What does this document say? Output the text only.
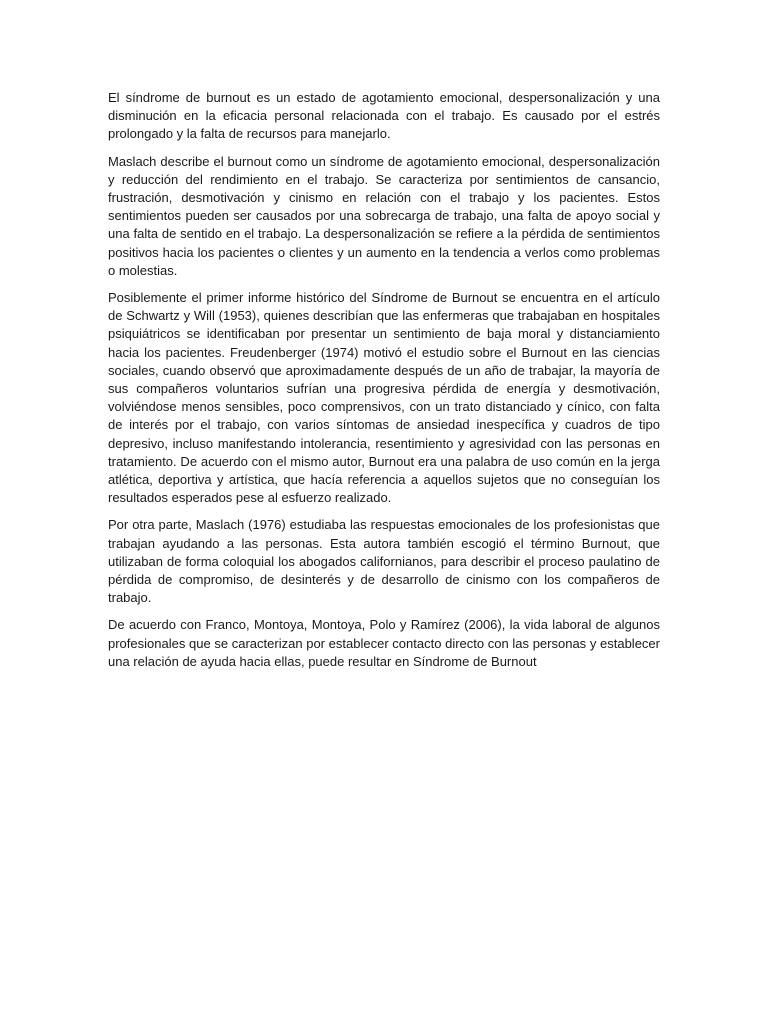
El síndrome de burnout es un estado de agotamiento emocional, despersonalización y una disminución en la eficacia personal relacionada con el trabajo. Es causado por el estrés prolongado y la falta de recursos para manejarlo.

Maslach describe el burnout como un síndrome de agotamiento emocional, despersonalización y reducción del rendimiento en el trabajo. Se caracteriza por sentimientos de cansancio, frustración, desmotivación y cinismo en relación con el trabajo y los pacientes. Estos sentimientos pueden ser causados por una sobrecarga de trabajo, una falta de apoyo social y una falta de sentido en el trabajo. La despersonalización se refiere a la pérdida de sentimientos positivos hacia los pacientes o clientes y un aumento en la tendencia a verlos como problemas o molestias.

Posiblemente el primer informe histórico del Síndrome de Burnout se encuentra en el artículo de Schwartz y Will (1953), quienes describían que las enfermeras que trabajaban en hospitales psiquiátricos se identificaban por presentar un sentimiento de baja moral y distanciamiento hacia los pacientes. Freudenberger (1974) motivó el estudio sobre el Burnout en las ciencias sociales, cuando observó que aproximadamente después de un año de trabajar, la mayoría de sus compañeros voluntarios sufrían una progresiva pérdida de energía y desmotivación, volviéndose menos sensibles, poco comprensivos, con un trato distanciado y cínico, con falta de interés por el trabajo, con varios síntomas de ansiedad inespecífica y cuadros de tipo depresivo, incluso manifestando intolerancia, resentimiento y agresividad con las personas en tratamiento. De acuerdo con el mismo autor, Burnout era una palabra de uso común en la jerga atlética, deportiva y artística, que hacía referencia a aquellos sujetos que no conseguían los resultados esperados pese al esfuerzo realizado.

Por otra parte, Maslach (1976) estudiaba las respuestas emocionales de los profesionistas que trabajan ayudando a las personas. Esta autora también escogió el término Burnout, que utilizaban de forma coloquial los abogados californianos, para describir el proceso paulatino de pérdida de compromiso, de desinterés y de desarrollo de cinismo con los compañeros de trabajo.

De acuerdo con Franco, Montoya, Montoya, Polo y Ramírez (2006), la vida laboral de algunos profesionales que se caracterizan por establecer contacto directo con las personas y establecer una relación de ayuda hacia ellas, puede resultar en Síndrome de Burnout
